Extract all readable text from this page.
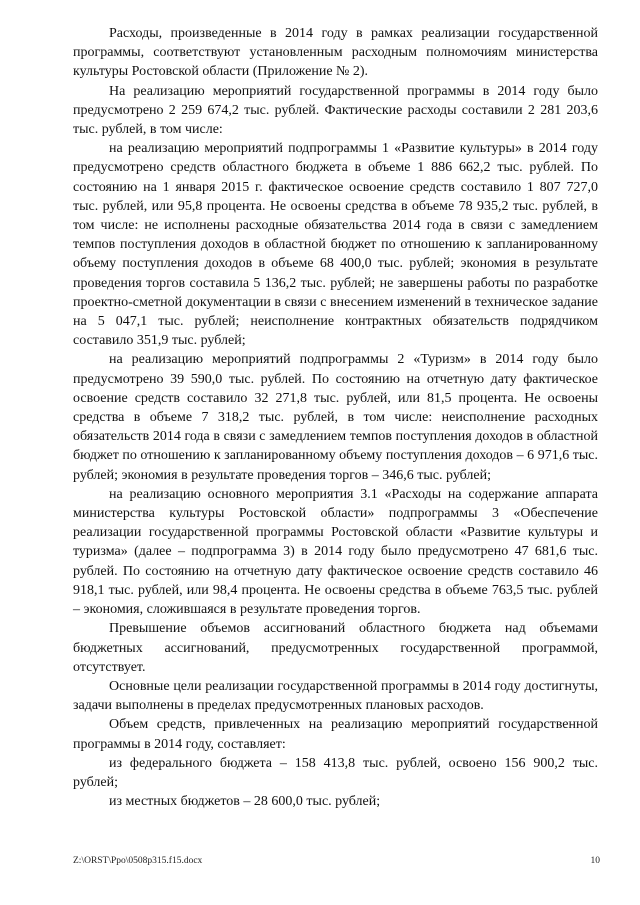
Расходы, произведенные в 2014 году в рамках реализации государственной программы, соответствуют установленным расходным полномочиям министерства культуры Ростовской области (Приложение № 2).

На реализацию мероприятий государственной программы в 2014 году было предусмотрено 2 259 674,2 тыс. рублей. Фактические расходы составили 2 281 203,6 тыс. рублей, в том числе:

на реализацию мероприятий подпрограммы 1 «Развитие культуры» в 2014 году предусмотрено средств областного бюджета в объеме 1 886 662,2 тыс. рублей. По состоянию на 1 января 2015 г. фактическое освоение средств составило 1 807 727,0 тыс. рублей, или 95,8 процента. Не освоены средства в объеме 78 935,2 тыс. рублей, в том числе: не исполнены расходные обязательства 2014 года в связи с замедлением темпов поступления доходов в областной бюджет по отношению к запланированному объему поступления доходов в объеме 68 400,0 тыс. рублей; экономия в результате проведения торгов составила 5 136,2 тыс. рублей; не завершены работы по разработке проектно-сметной документации в связи с внесением изменений в техническое задание на 5 047,1 тыс. рублей; неисполнение контрактных обязательств подрядчиком составило 351,9 тыс. рублей;

на реализацию мероприятий подпрограммы 2 «Туризм» в 2014 году было предусмотрено 39 590,0 тыс. рублей. По состоянию на отчетную дату фактическое освоение средств составило 32 271,8 тыс. рублей, или 81,5 процента. Не освоены средства в объеме 7 318,2 тыс. рублей, в том числе: неисполнение расходных обязательств 2014 года в связи с замедлением темпов поступления доходов в областной бюджет по отношению к запланированному объему поступления доходов – 6 971,6 тыс. рублей; экономия в результате проведения торгов – 346,6 тыс. рублей;

на реализацию основного мероприятия 3.1 «Расходы на содержание аппарата министерства культуры Ростовской области» подпрограммы 3 «Обеспечение реализации государственной программы Ростовской области «Развитие культуры и туризма» (далее – подпрограмма 3) в 2014 году было предусмотрено 47 681,6 тыс. рублей. По состоянию на отчетную дату фактическое освоение средств составило 46 918,1 тыс. рублей, или 98,4 процента. Не освоены средства в объеме 763,5 тыс. рублей – экономия, сложившаяся в результате проведения торгов.

Превышение объемов ассигнований областного бюджета над объемами бюджетных ассигнований, предусмотренных государственной программой, отсутствует.

Основные цели реализации государственной программы в 2014 году достигнуты, задачи выполнены в пределах предусмотренных плановых расходов.

Объем средств, привлеченных на реализацию мероприятий государственной программы в 2014 году, составляет:

из федерального бюджета – 158 413,8 тыс. рублей, освоено 156 900,2 тыс. рублей;

из местных бюджетов – 28 600,0 тыс. рублей;

Z:\ORST\Ppo\0508p315.f15.docx	10
